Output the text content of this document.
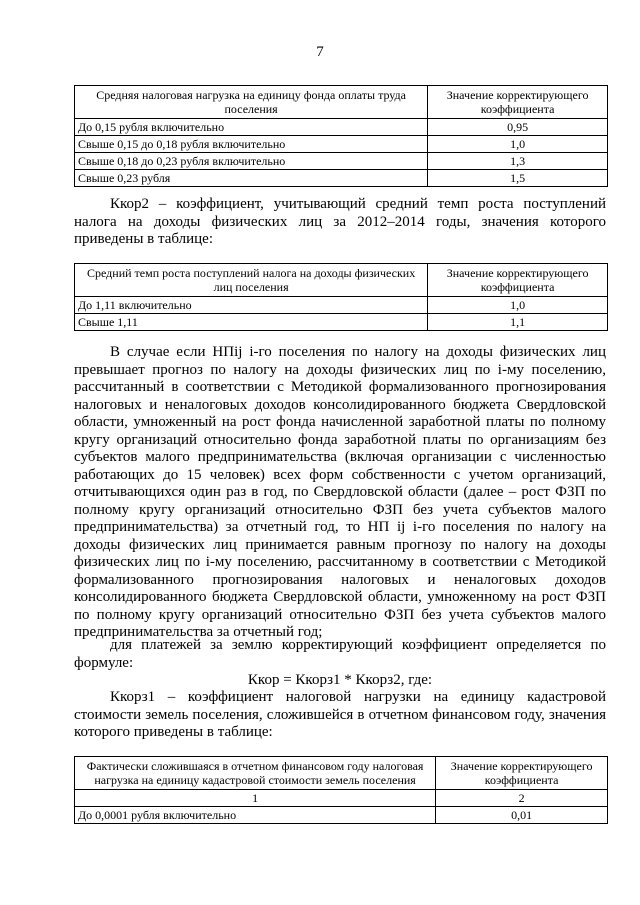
7
Средняя налоговая нагрузка на единицу фонда оплаты труда поселения	Значение корректирующего коэффициента
До 0,15 рубля включительно	0,95
Свыше 0,15 до 0,18 рубля включительно	1,0
Свыше 0,18 до 0,23 рубля включительно	1,3
Свыше 0,23 рубля	1,5

Ккор2 – коэффициент, учитывающий средний темп роста поступлений налога на доходы физических лиц за 2012–2014 годы, значения которого приведены в таблице:

Средний темп роста поступлений налога на доходы физических лиц поселения	Значение корректирующего коэффициента
До 1,11 включительно	1,0
Свыше 1,11	1,1

В случае если НПij i-го поселения по налогу на доходы физических лиц превышает прогноз по налогу на доходы физических лиц по i-му поселению, рассчитанный в соответствии с Методикой формализованного прогнозирования налоговых и неналоговых доходов консолидированного бюджета Свердловской области, умноженный на рост фонда начисленной заработной платы по полному кругу организаций относительно фонда заработной платы по организациям без субъектов малого предпринимательства (включая организации с численностью работающих до 15 человек) всех форм собственности с учетом организаций, отчитывающихся один раз в год, по Свердловской области (далее – рост ФЗП по полному кругу организаций относительно ФЗП без учета субъектов малого предпринимательства) за отчетный год, то НП ij i-го поселения по налогу на доходы физических лиц принимается равным прогнозу по налогу на доходы физических лиц по i-му поселению, рассчитанному в соответствии с Методикой формализованного прогнозирования налоговых и неналоговых доходов консолидированного бюджета Свердловской области, умноженному на рост ФЗП по полному кругу организаций относительно ФЗП без учета субъектов малого предпринимательства за отчетный год;

для платежей за землю корректирующий коэффициент определяется по формуле:

Ккор = Ккорз1 * Ккорз2, где:

Ккорз1 – коэффициент налоговой нагрузки на единицу кадастровой стоимости земель поселения, сложившейся в отчетном финансовом году, значения которого приведены в таблице:

Фактически сложившаяся в отчетном финансовом году налоговая нагрузка на единицу кадастровой стоимости земель поселения	Значение корректирующего коэффициента
1	2
До 0,0001 рубля включительно	0,01
